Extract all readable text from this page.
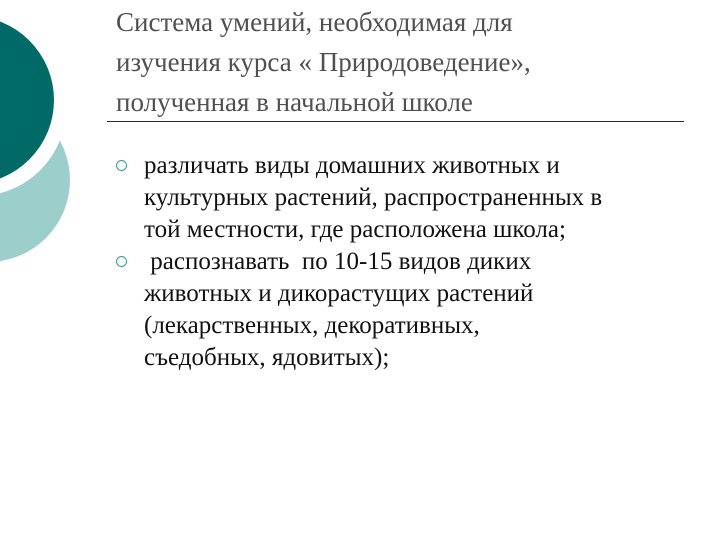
Система умений, необходимая для
изучения курса « Природоведение»,
полученная в начальной школе
различать виды домашних животных и
культурных растений, распространенных в
той местности, где расположена школа;
распознавать  по 10-15 видов диких
животных и дикорастущих растений
(лекарственных, декоративных,
съедобных, ядовитых);
